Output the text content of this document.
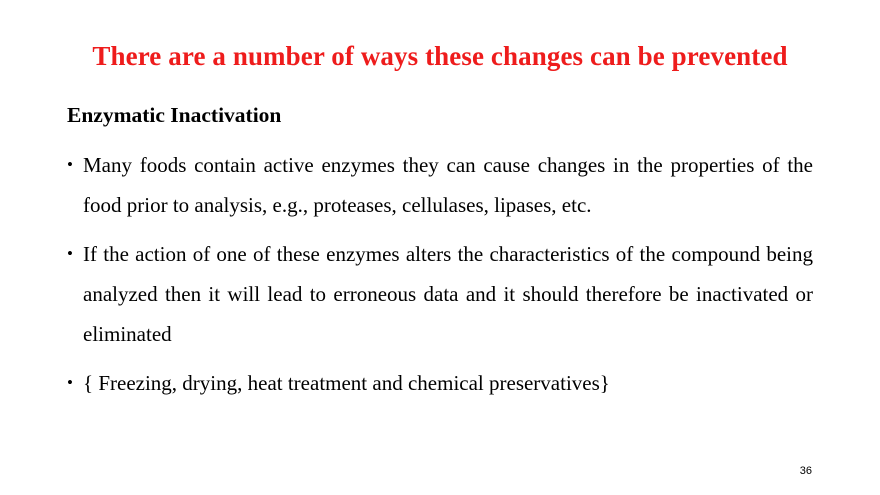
There are a number of ways these changes can be prevented
Enzymatic Inactivation
• Many foods contain active enzymes they can cause changes in the properties of the food prior to analysis, e.g., proteases, cellulases, lipases, etc.
• If the action of one of these enzymes alters the characteristics of the compound being analyzed then it will lead to erroneous data and it should therefore be inactivated or eliminated
• { Freezing, drying, heat treatment and chemical preservatives}
36
